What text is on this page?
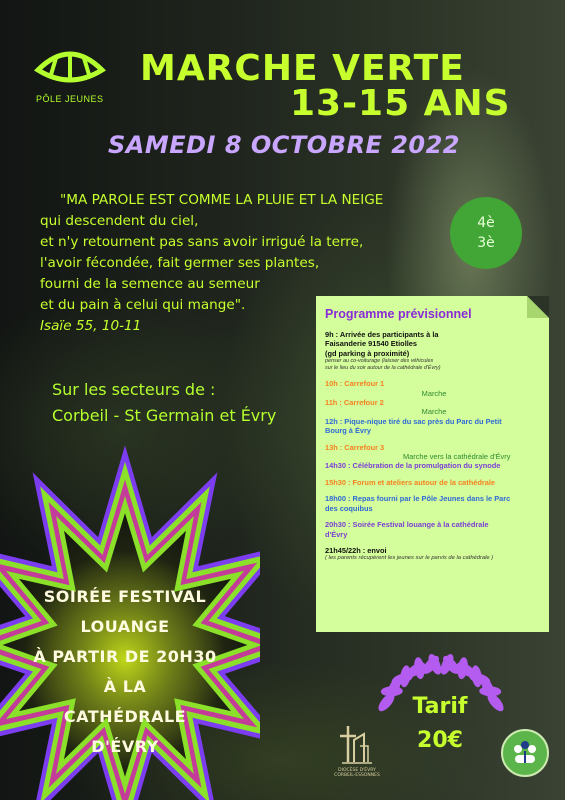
PÔLE JEUNES
MARCHE VERTE
13-15 ANS
SAMEDI 8 OCTOBRE 2022
"MA PAROLE EST COMME LA PLUIE ET LA NEIGE
qui descendent du ciel,
et n'y retournent pas sans avoir irrigué la terre,
l'avoir fécondée, fait germer ses plantes,
fourni de la semence au semeur
et du pain à celui qui mange".
Isaïe 55, 10-11
4è
3è
Sur les secteurs de :
Corbeil - St Germain et Évry
Programme prévisionnel
9h : Arrivée des participants à la
Faisanderie 91540 Etiolles
(gd parking à proximité)
penser au co-voiturage (laisser des véhicules
sur le lieu du soir autour de la cathédrale d'Évry)
10h : Carrefour 1
Marche
11h : Carrefour 2
Marche
12h : Pique-nique tiré du sac près du Parc du Petit
Bourg à Évry
13h : Carrefour 3
Marche vers la cathédrale d'Évry
14h30 : Célébration de la promulgation du synode
15h30 : Forum et ateliers autour de la cathédrale
18h00 : Repas fourni par le Pôle Jeunes dans le Parc
des coquibus
20h30 : Soirée Festival louange à la cathédrale
d'Évry
21h45/22h : envoi
( les parents récupèrent les jeunes sur le parvis de la cathédrale )
SOIRÉE FESTIVAL
LOUANGE
À PARTIR DE 20H30
À LA
CATHÉDRALE
D'ÉVRY
DIOCÈSE D'ÉVRY
CORBEIL-ESSONNES
Tarif
20€
